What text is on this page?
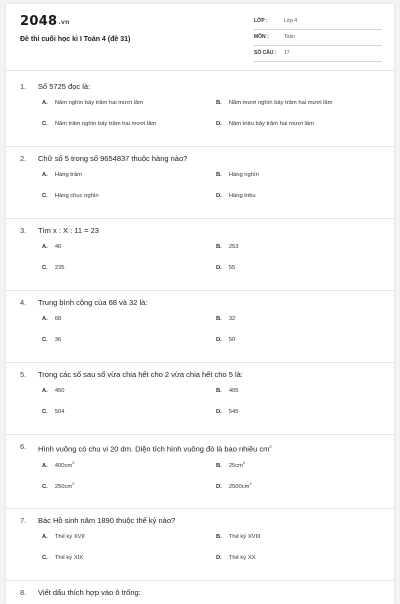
2048.vn
Đề thi cuối học kì I Toán 4 (đề 31)
LỚP :	Lớp 4
MÔN :	Toán
SỐ CÂU : 17
1. Số 5725 đọc là:
A. Năm nghìn bảy trăm hai mươi lăm	B. Năm mươi nghìn bảy trăm hai mươi lăm
C. Năm trăm nghìn bảy trăm hai mươi lăm	D. Năm triệu bảy trăm hai mươi lăm
2. Chữ số 5 trong số 9654837 thuộc hàng nào?
A. Hàng trăm	B. Hàng nghìn
C. Hàng chục nghìn	D. Hàng triệu
3. Tìm x : X : 11 = 23
A. 46	B. 253
C. 235	D. 55
4. Trung bình cộng của 68 và 32 là:
A. 68	B. 32
C. 36	D. 50
5. Trong các số sau số vừa chia hết cho 2 vừa chia hết cho 5 là:
A. 450	B. 405
C. 504	D. 545
6. Hình vuông có chu vi 20 dm. Diện tích hình vuông đó là bao nhiêu $cm^2$
A. $400cm^2$
B. $25cm^2$
C. $250cm^2$
D. $2500cm^2$
7. Bác Hồ sinh năm 1890 thuộc thế kỷ nào?
A. Thế kỷ XVII	B. Thế kỷ XVIII
C. Thế kỷ XIX	D. Thế kỷ XX
8. Viết dấu thích hợp vào ô trống:
